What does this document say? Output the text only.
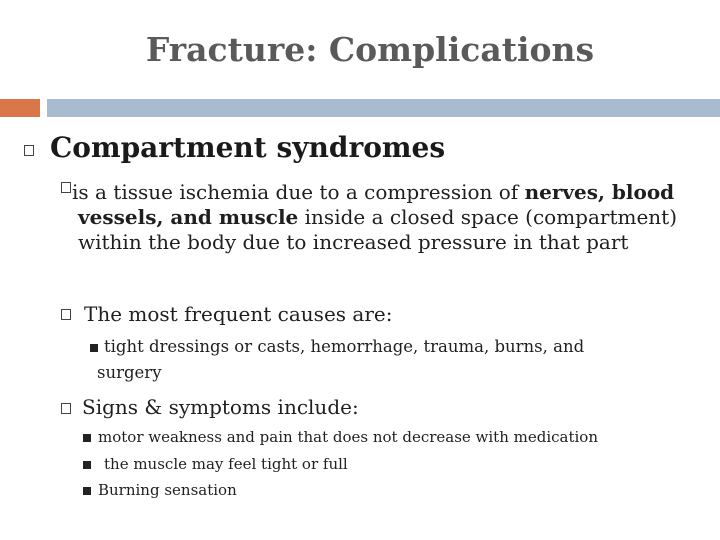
Fracture: Complications
Compartment syndromes
is a tissue ischemia due to a compression of nerves, blood vessels, and muscle inside a closed space (compartment) within the body due to increased pressure in that part
The most frequent causes are:
tight dressings or casts, hemorrhage, trauma, burns, and
surgery
Signs & symptoms include:
motor weakness and pain that does not decrease with medication
the muscle may feel tight or full
Burning sensation
